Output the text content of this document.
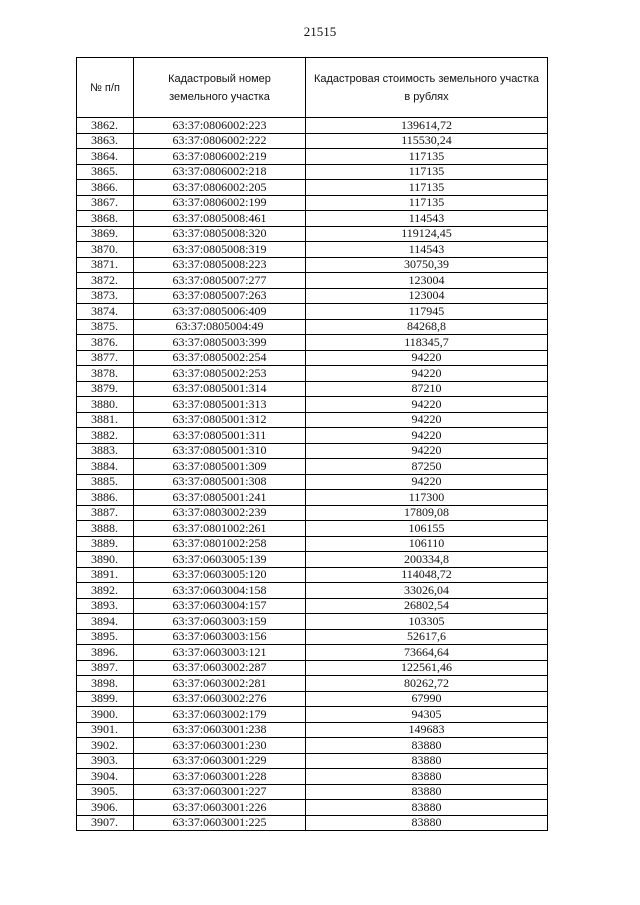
21515
№ п/п	Кадастровый номер земельного участка	Кадастровая стоимость земельного участка в рублях
3862.	63:37:0806002:223	139614,72
3863.	63:37:0806002:222	115530,24
3864.	63:37:0806002:219	117135
3865.	63:37:0806002:218	117135
3866.	63:37:0806002:205	117135
3867.	63:37:0806002:199	117135
3868.	63:37:0805008:461	114543
3869.	63:37:0805008:320	119124,45
3870.	63:37:0805008:319	114543
3871.	63:37:0805008:223	30750,39
3872.	63:37:0805007:277	123004
3873.	63:37:0805007:263	123004
3874.	63:37:0805006:409	117945
3875.	63:37:0805004:49	84268,8
3876.	63:37:0805003:399	118345,7
3877.	63:37:0805002:254	94220
3878.	63:37:0805002:253	94220
3879.	63:37:0805001:314	87210
3880.	63:37:0805001:313	94220
3881.	63:37:0805001:312	94220
3882.	63:37:0805001:311	94220
3883.	63:37:0805001:310	94220
3884.	63:37:0805001:309	87250
3885.	63:37:0805001:308	94220
3886.	63:37:0805001:241	117300
3887.	63:37:0803002:239	17809,08
3888.	63:37:0801002:261	106155
3889.	63:37:0801002:258	106110
3890.	63:37:0603005:139	200334,8
3891.	63:37:0603005:120	114048,72
3892.	63:37:0603004:158	33026,04
3893.	63:37:0603004:157	26802,54
3894.	63:37:0603003:159	103305
3895.	63:37:0603003:156	52617,6
3896.	63:37:0603003:121	73664,64
3897.	63:37:0603002:287	122561,46
3898.	63:37:0603002:281	80262,72
3899.	63:37:0603002:276	67990
3900.	63:37:0603002:179	94305
3901.	63:37:0603001:238	149683
3902.	63:37:0603001:230	83880
3903.	63:37:0603001:229	83880
3904.	63:37:0603001:228	83880
3905.	63:37:0603001:227	83880
3906.	63:37:0603001:226	83880
3907.	63:37:0603001:225	83880
